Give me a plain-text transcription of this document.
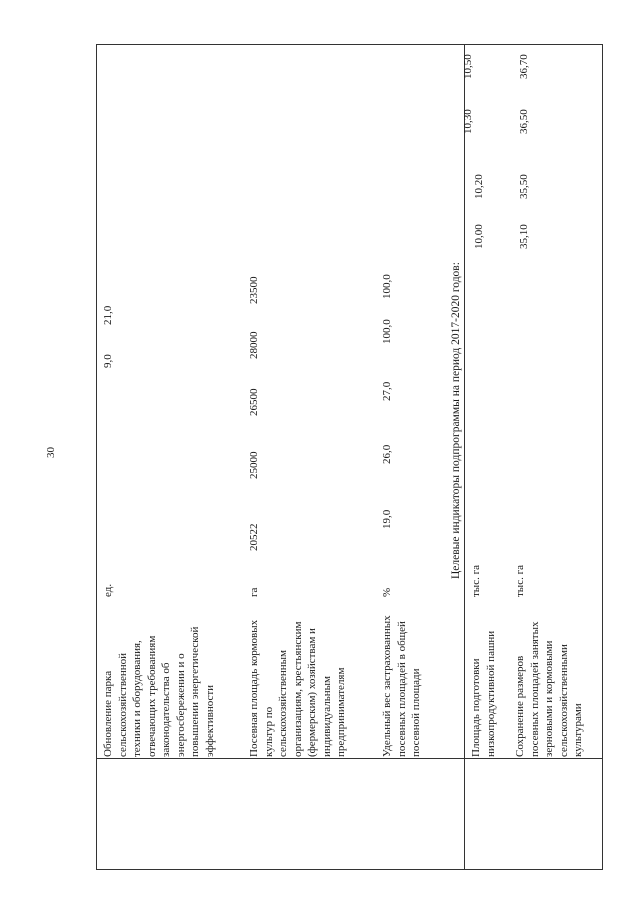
30
Обновление парка сельскохозяйственной техники и оборудования, отвечающих требованиям законодательства об энергосбережении и о повышении энергетической эффективности
ед.
9,0
21,0
Посевная площадь кормовых культур по сельскохозяйственным организациям, крестьянским (фермерским) хозяйствам и индивидуальным предпринимателям
га
20522
25000
26500
28000
23500
Удельный вес застрахованных посевных площадей в общей посевной площади
%
19,0
26,0
27,0
100,0
100,0	Целевые индикаторы подпрограммы на период 2017-2020 годов:
Площадь подготовки низкопродуктивной пашни
тыс. га
10,00
10,20
10,30
10,50
Сохранение размеров посевных площадей занятых зерновыми и кормовыми сельскохозяйственными культурами
тыс. га
35,10
35,50
36,50
36,70
